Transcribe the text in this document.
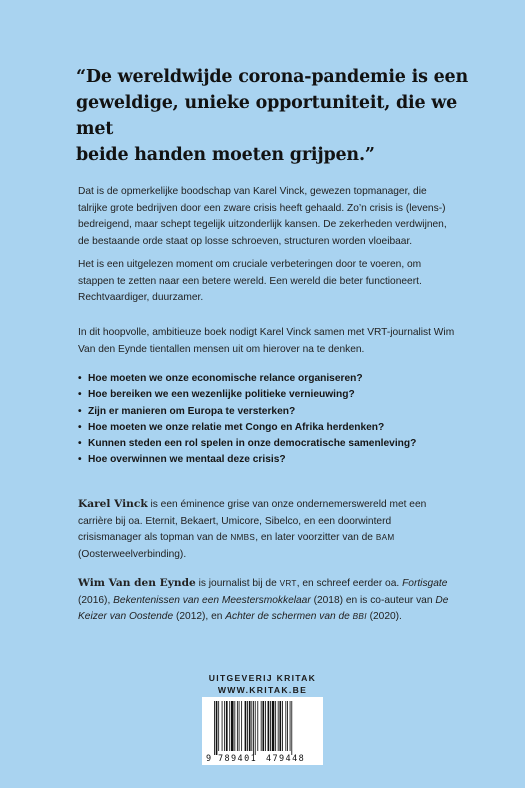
“De wereldwijde corona-pandemie is een
geweldige, unieke opportuniteit, die we met
beide handen moeten grijpen.”

Dat is de opmerkelijke boodschap van Karel Vinck, gewezen topmanager, die talrijke grote bedrijven door een zware crisis heeft gehaald. Zo’n crisis is (levens-) bedreigend, maar schept tegelijk uitzonderlijk kansen. De zekerheden verdwijnen, de bestaande orde staat op losse schroeven, structuren worden vloeibaar.

Het is een uitgelezen moment om cruciale verbeteringen door te voeren, om stappen te zetten naar een betere wereld. Een wereld die beter functioneert. Rechtvaardiger, duurzamer.

In dit hoopvolle, ambitieuze boek nodigt Karel Vinck samen met VRT-journalist Wim Van den Eynde tientallen mensen uit om hierover na te denken.

• Hoe moeten we onze economische relance organiseren?
• Hoe bereiken we een wezenlijke politieke vernieuwing?
• Zijn er manieren om Europa te versterken?
• Hoe moeten we onze relatie met Congo en Afrika herdenken?
• Kunnen steden een rol spelen in onze democratische samenleving?
• Hoe overwinnen we mentaal deze crisis?

Karel Vinck is een éminence grise van onze ondernemerswereld met een carrière bij oa. Eternit, Bekaert, Umicore, Sibelco, en een doorwinterd crisismanager als topman van de NMBS, en later voorzitter van de BAM (Oosterweelverbinding).

Wim Van den Eynde is journalist bij de VRT, en schreef eerder oa. Fortisgate (2016), Bekentenissen van een Meestersmokkelaar (2018) en is co-auteur van De Keizer van Oostende (2012), en Achter de schermen van de BBI (2020).

UITGEVERIJ KRITAK
WWW.KRITAK.BE
9 789401 479448
